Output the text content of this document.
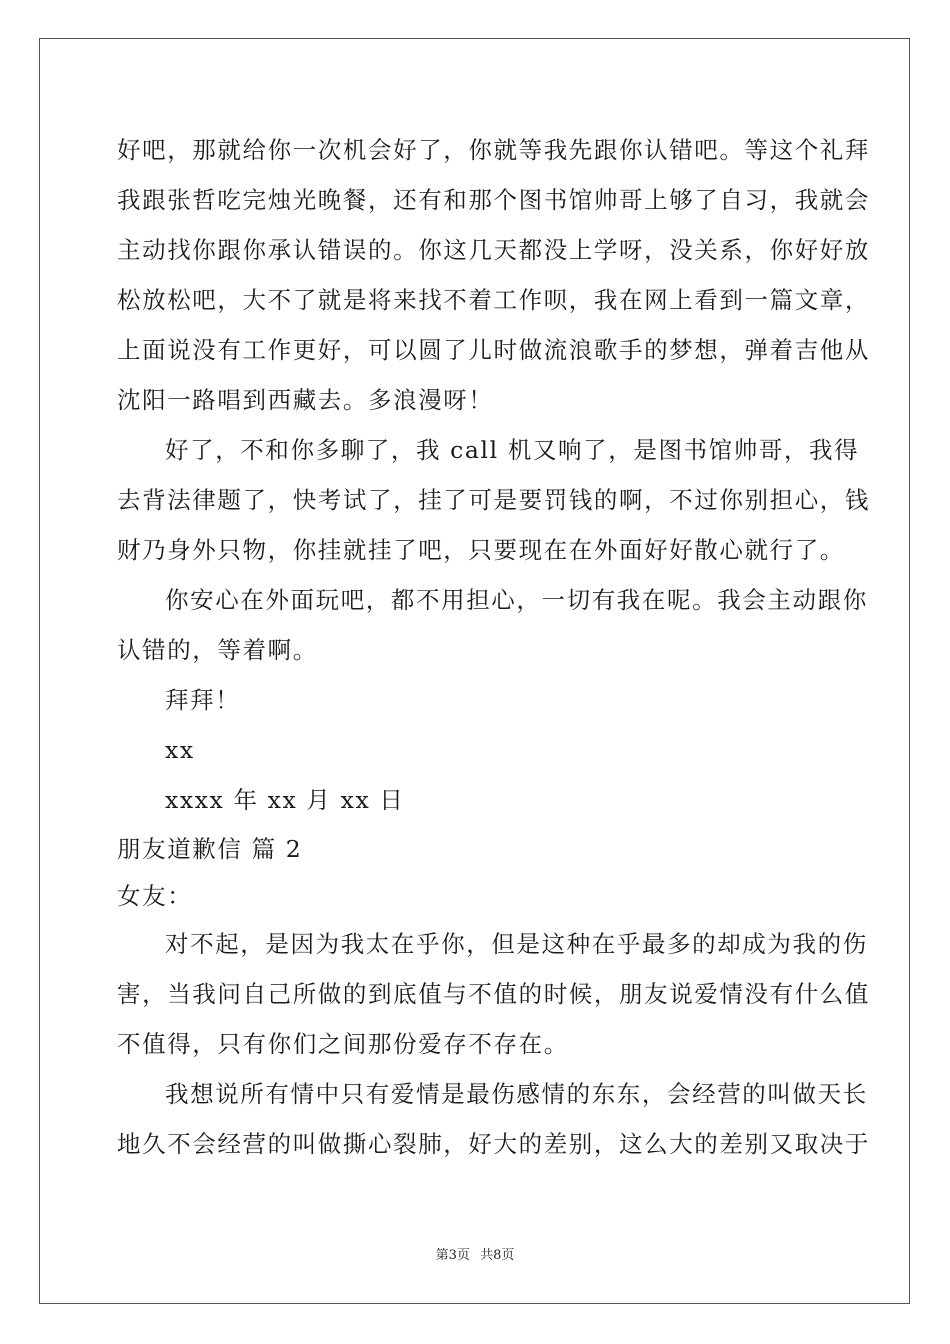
好吧，那就给你一次机会好了，你就等我先跟你认错吧。等这个礼拜
我跟张哲吃完烛光晚餐，还有和那个图书馆帅哥上够了自习，我就会
主动找你跟你承认错误的。你这几天都没上学呀，没关系，你好好放
松放松吧，大不了就是将来找不着工作呗，我在网上看到一篇文章，
上面说没有工作更好，可以圆了儿时做流浪歌手的梦想，弹着吉他从
沈阳一路唱到西藏去。多浪漫呀！
好了，不和你多聊了，我 call 机又响了，是图书馆帅哥，我得
去背法律题了，快考试了，挂了可是要罚钱的啊，不过你别担心，钱
财乃身外只物，你挂就挂了吧，只要现在在外面好好散心就行了。
你安心在外面玩吧，都不用担心，一切有我在呢。我会主动跟你
认错的，等着啊。
拜拜！
xx
xxxx 年 xx 月 xx 日
朋友道歉信 篇 2
女友：
对不起，是因为我太在乎你，但是这种在乎最多的却成为我的伤
害，当我问自己所做的到底值与不值的时候，朋友说爱情没有什么值
不值得，只有你们之间那份爱存不存在。
我想说所有情中只有爱情是最伤感情的东东，会经营的叫做天长
地久不会经营的叫做撕心裂肺，好大的差别，这么大的差别又取决于
第3页 共8页
